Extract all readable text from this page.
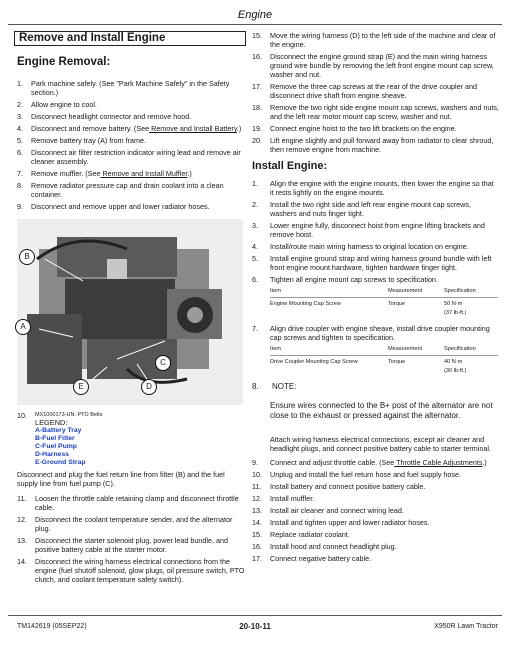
Engine
Remove and Install Engine
Engine Removal:
1.	Park machine safely. (See "Park Machine Safely" in the Safety section.)
2.	Allow engine to cool.
3.	Disconnect headlight connector and remove hood.
4.	Disconnect and remove battery. (See Remove and Install Battery.)
5.	Remove battery tray (A) from frame.
6.	Disconnect air filter restriction indicator wiring lead and remove air cleaner assembly.
7.	Remove muffler. (See Remove and Install Muffler.)
8.	Remove radiator pressure cap and drain coolant into a clean container.
9.	Disconnect and remove upper and lower radiator hoses.
B
A
C
E	D
10.	MX1000173-UN: PTO Belts
LEGEND:
A-Battery Tray
B-Fuel Filter
C-Fuel Pump
D-Harness
E-Ground Strap
Disconnect and plug the fuel return line from filter (B) and the fuel supply line from fuel pump (C).
11.	Loosen the throttle cable retaining clamp and disconnect throttle cable.
12.	Disconnect the coolant temperature sender, and the alternator plug.
13.	Disconnect the starter solenoid plug, power lead bundle, and positive battery cable at the starter motor.
14.	Disconnect the wiring harness electrical connections from the engine (fuel shutoff solenoid, glow plugs, oil pressure switch, PTO clutch, and coolant temperature safety switch).
15.	Move the wiring harness (D) to the left side of the machine and clear of the engine.
16.	Disconnect the engine ground strap (E) and the main wiring harness ground wire bundle by removing the left front engine mount cap screw, washer and nut.
17.	Remove the three cap screws at the rear of the drive coupler and disconnect drive shaft from engine sheave.
18.	Remove the two right side engine mount cap screws, washers and nuts, and the left rear motor mount cap screw, washer and nut.
19.	Connect engine hoist to the two lift brackets on the engine.
20.	Lift engine slightly and pull forward away from radiator to clear shroud, then remove engine from machine.
Install Engine:
1.	Align the engine with the engine mounts, then lower the engine so that it rests lightly on the engine mounts.
2.	Install the two right side and left rear engine mount cap screws, washers and nuts finger tight.
3.	Lower engine fully, disconnect hoist from engine lifting brackets and remove hoist.
4.	Install/route main wiring harness to original location on engine.
5.	Install engine ground strap and wiring harness ground bundle with left front engine mount hardware, tighten hardware finger tight.
6.	Tighten all engine mount cap screws to specification.
Item	Measurement	Specification
Engine Mounting Cap Screw	Torque	50 N·m
(37 lb-ft.)
7.	Align drive coupler with engine sheave, install drive coupler mounting cap screws and tighten to specification.
Item	Measurement	Specification
Drive Coupler Mounting Cap Screw	Torque	40 N·m
(30 lb-ft.)
8. NOTE:
Ensure wires connected to the B+ post of the alternator are not close to the exhaust or pressed against the alternator.
Attach wiring harness electrical connections, except air cleaner and headlight plugs, and connect positive battery cable to starter terminal.
9.	Connect and adjust throttle cable. (See Throttle Cable Adjustments.)
10.	Unplug and install the fuel return hose and fuel supply hose.
11.	Install battery and connect positive battery cable.
12.	Install muffler.
13.	Install air cleaner and connect wiring lead.
14.	Install and tighten upper and lower radiator hoses.
15.	Replace radiator coolant.
16.	Install hood and connect headlight plug.
17.	Connect negative battery cable.
TM142619 (05SEP22)	20-10-11	X950R Lawn Tractor
